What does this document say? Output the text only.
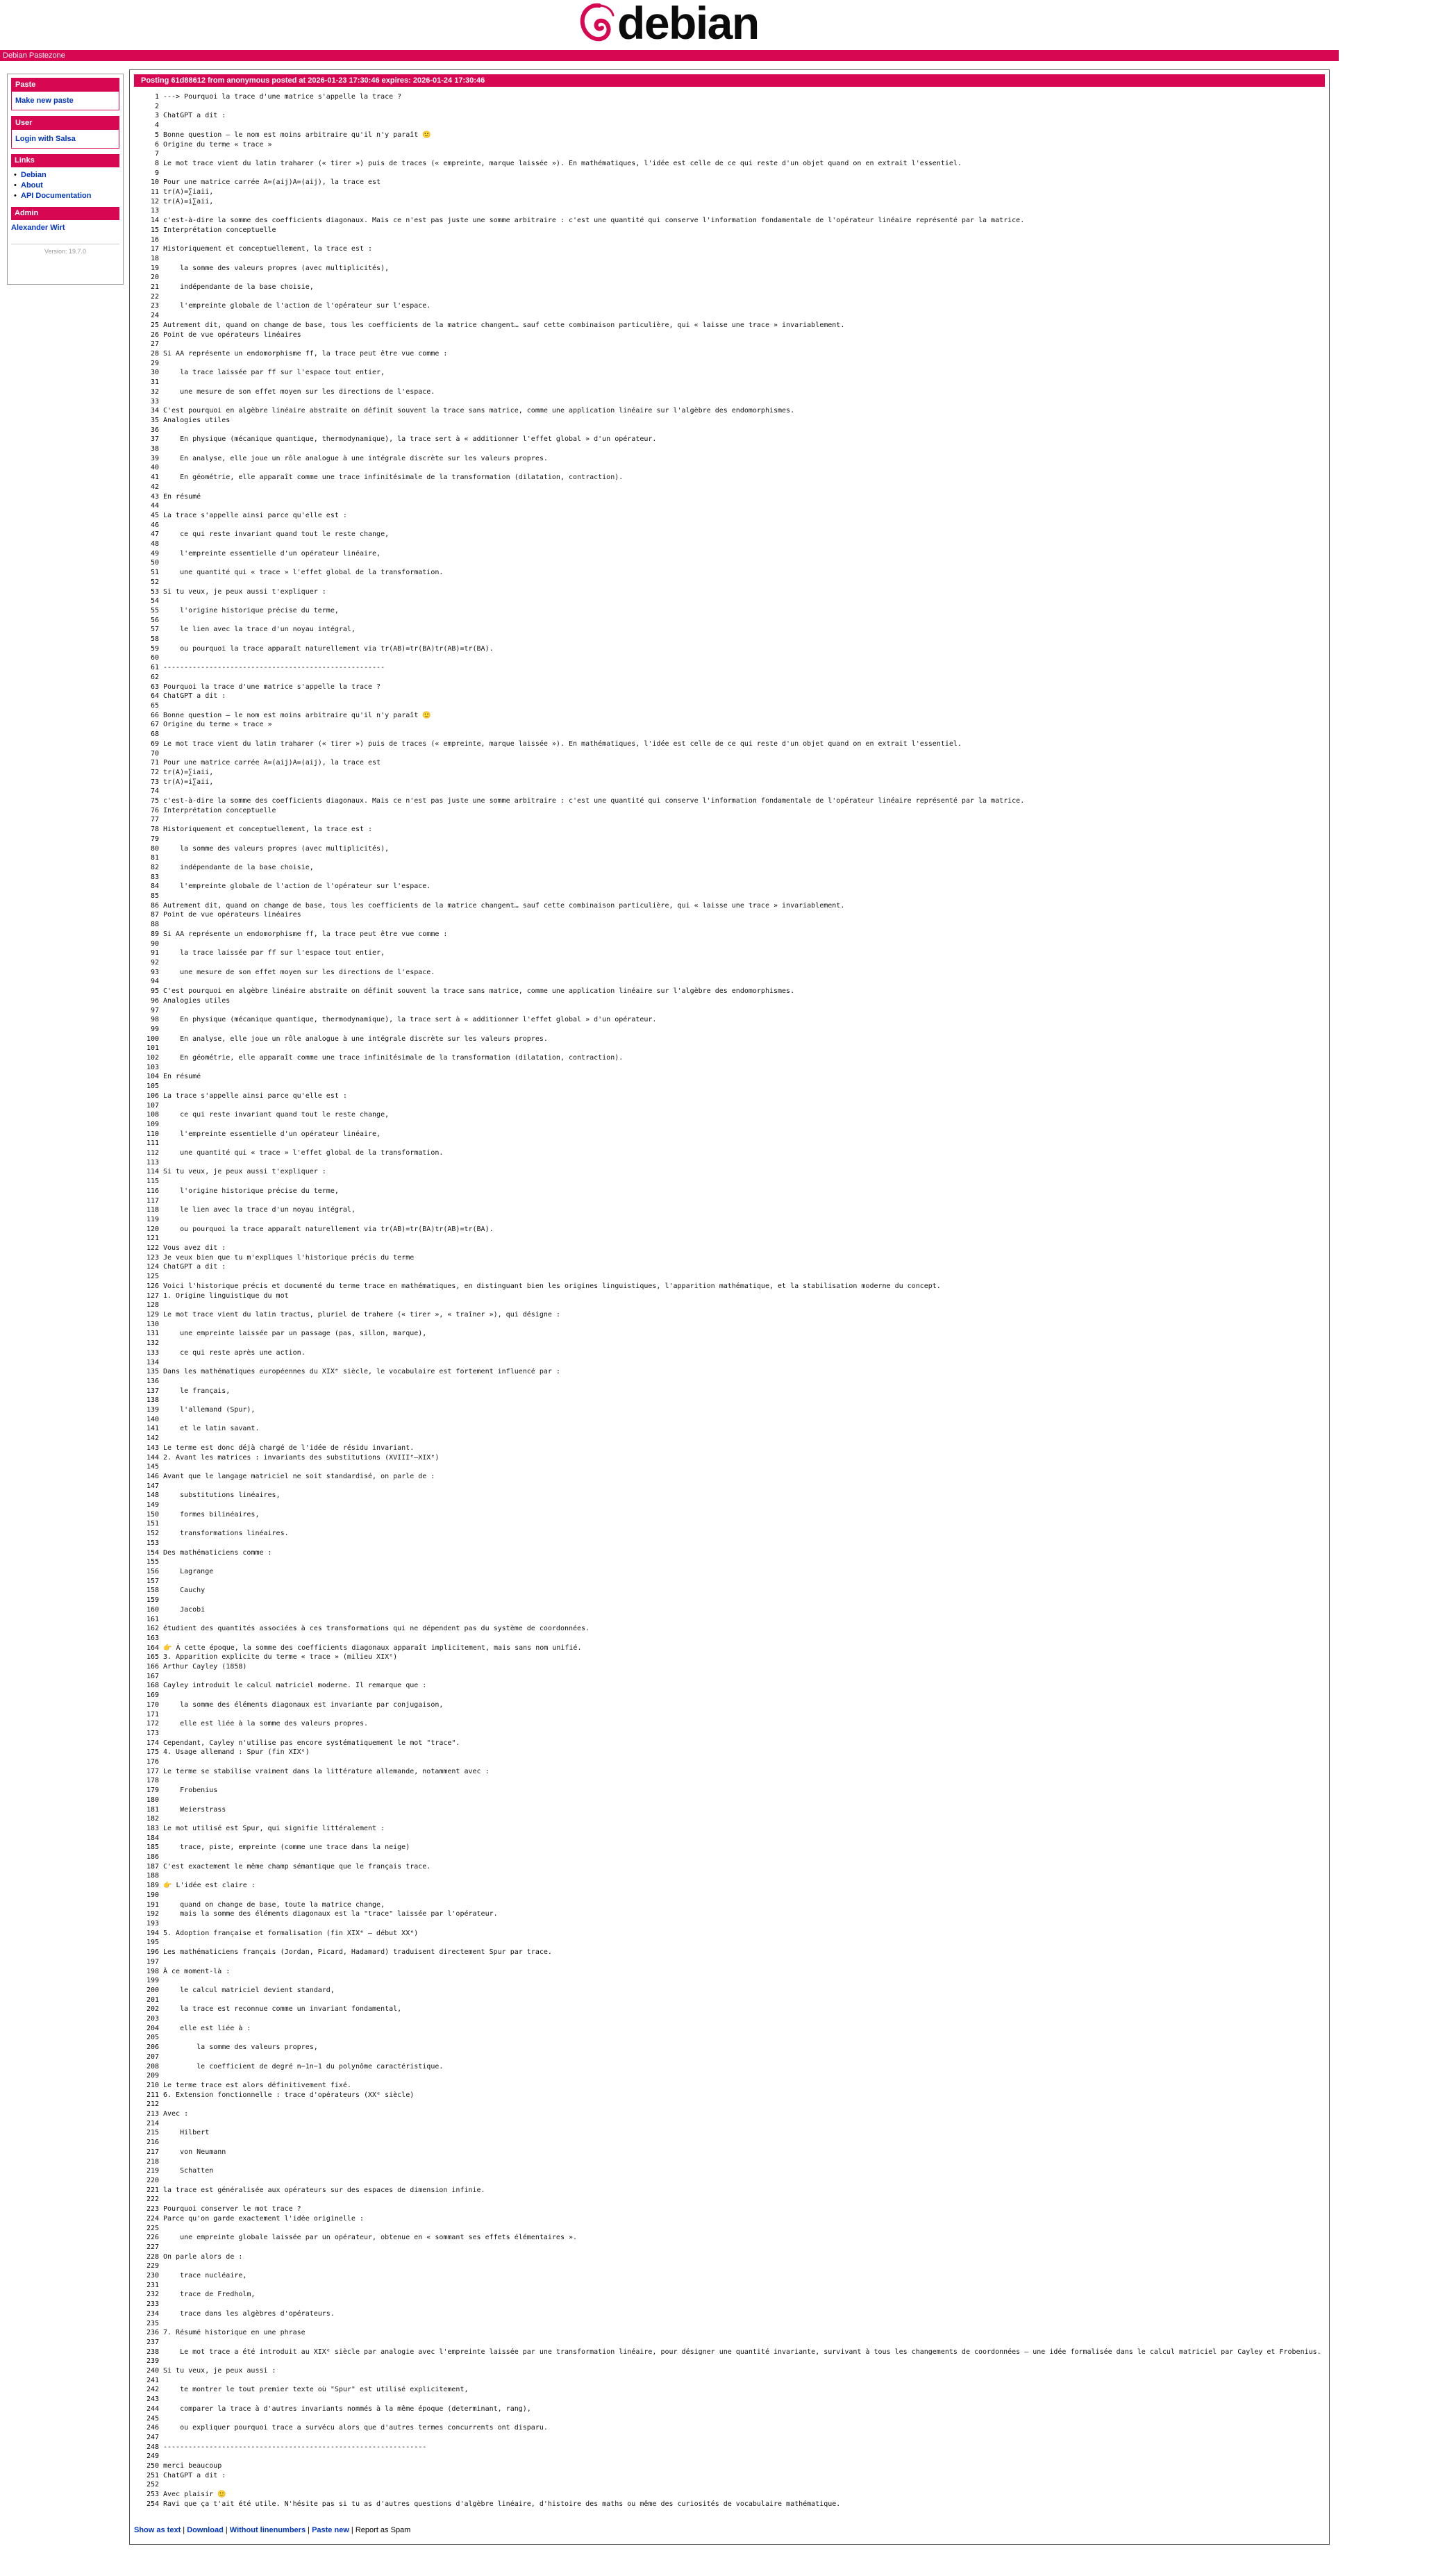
debian
Debian Pastezone
Paste
Make new paste
User
Login with Salsa
Links
• Debian
• About
• API Documentation
Admin
Alexander Wirt
Version: 19.7.0
Posting 61d88612 from anonymous posted at 2026-01-23 17:30:46 expires: 2026-01-24 17:30:46
1 ---> Pourquoi la trace d'une matrice s'appelle la trace ?
2
3 ChatGPT a dit :
4
5 Bonne question — le nom est moins arbitraire qu'il n'y paraît 🙂
6 Origine du terme « trace »
7
8 Le mot trace vient du latin traharer (« tirer ») puis de traces (« empreinte, marque laissée »). En mathématiques, l'idée est celle de ce qui reste d'un objet quand on en extrait l'essentiel.
9
10 Pour une matrice carrée A=(aij)A=(aij), la trace est
11 tr(A)=∑iaii,
12 tr(A)=i∑aii,
13
14 c'est-à-dire la somme des coefficients diagonaux. Mais ce n'est pas juste une somme arbitraire : c'est une quantité qui conserve l'information fondamentale de l'opérateur linéaire représenté par la matrice.
15 Interprétation conceptuelle
16
17 Historiquement et conceptuellement, la trace est :
18
19    la somme des valeurs propres (avec multiplicités),
20
21    indépendante de la base choisie,
22
23    l'empreinte globale de l'action de l'opérateur sur l'espace.
24
25 Autrement dit, quand on change de base, tous les coefficients de la matrice changent… sauf cette combinaison particulière, qui « laisse une trace » invariablement.
26 Point de vue opérateurs linéaires
27
28 Si AA représente un endomorphisme ff, la trace peut être vue comme :
29
30    la trace laissée par ff sur l'espace tout entier,
31
32    une mesure de son effet moyen sur les directions de l'espace.
33
34 C'est pourquoi en algèbre linéaire abstraite on définit souvent la trace sans matrice, comme une application linéaire sur l'algèbre des endomorphismes.
35 Analogies utiles
36
37    En physique (mécanique quantique, thermodynamique), la trace sert à « additionner l'effet global » d'un opérateur.
38
39    En analyse, elle joue un rôle analogue à une intégrale discrète sur les valeurs propres.
40
41    En géométrie, elle apparaît comme une trace infinitésimale de la transformation (dilatation, contraction).
42
43 En résumé
44
45 La trace s'appelle ainsi parce qu'elle est :
46
47    ce qui reste invariant quand tout le reste change,
48
49    l'empreinte essentielle d'un opérateur linéaire,
50
51    une quantité qui « trace » l'effet global de la transformation.
52
53 Si tu veux, je peux aussi t'expliquer :
54
55    l'origine historique précise du terme,
56
57    le lien avec la trace d'un noyau intégral,
58
59    ou pourquoi la trace apparaît naturellement via tr(AB)=tr(BA)tr(AB)=tr(BA).
60
61 -----------------------------------------------------
62
63 Pourquoi la trace d'une matrice s'appelle la trace ?
64 ChatGPT a dit :
65
66 Bonne question — le nom est moins arbitraire qu'il n'y paraît 🙂
67 Origine du terme « trace »
68
69 Le mot trace vient du latin traharer (« tirer ») puis de traces (« empreinte, marque laissée »). En mathématiques, l'idée est celle de ce qui reste d'un objet quand on en extrait l'essentiel.
70
71 Pour une matrice carrée A=(aij)A=(aij), la trace est
72 tr(A)=∑iaii,
73 tr(A)=i∑aii,
74
75 c'est-à-dire la somme des coefficients diagonaux. Mais ce n'est pas juste une somme arbitraire : c'est une quantité qui conserve l'information fondamentale de l'opérateur linéaire représenté par la matrice.
76 Interprétation conceptuelle
77
78 Historiquement et conceptuellement, la trace est :
79
80    la somme des valeurs propres (avec multiplicités),
81
82    indépendante de la base choisie,
83
84    l'empreinte globale de l'action de l'opérateur sur l'espace.
85
86 Autrement dit, quand on change de base, tous les coefficients de la matrice changent… sauf cette combinaison particulière, qui « laisse une trace » invariablement.
87 Point de vue opérateurs linéaires
88
89 Si AA représente un endomorphisme ff, la trace peut être vue comme :
90
91    la trace laissée par ff sur l'espace tout entier,
92
93    une mesure de son effet moyen sur les directions de l'espace.
94
95 C'est pourquoi en algèbre linéaire abstraite on définit souvent la trace sans matrice, comme une application linéaire sur l'algèbre des endomorphismes.
96 Analogies utiles
97
98    En physique (mécanique quantique, thermodynamique), la trace sert à « additionner l'effet global » d'un opérateur.
99
100    En analyse, elle joue un rôle analogue à une intégrale discrète sur les valeurs propres.
101
102    En géométrie, elle apparaît comme une trace infinitésimale de la transformation (dilatation, contraction).
103
104 En résumé
105
106 La trace s'appelle ainsi parce qu'elle est :
107
108    ce qui reste invariant quand tout le reste change,
109
110    l'empreinte essentielle d'un opérateur linéaire,
111
112    une quantité qui « trace » l'effet global de la transformation.
113
114 Si tu veux, je peux aussi t'expliquer :
115
116    l'origine historique précise du terme,
117
118    le lien avec la trace d'un noyau intégral,
119
120    ou pourquoi la trace apparaît naturellement via tr(AB)=tr(BA)tr(AB)=tr(BA).
121
122 Vous avez dit :
123 Je veux bien que tu m'expliques l'historique précis du terme
124 ChatGPT a dit :
125
126 Voici l'historique précis et documenté du terme trace en mathématiques, en distinguant bien les origines linguistiques, l'apparition mathématique, et la stabilisation moderne du concept.
127 1. Origine linguistique du mot
128
129 Le mot trace vient du latin tractus, pluriel de trahere (« tirer », « traîner »), qui désigne :
130
131    une empreinte laissée par un passage (pas, sillon, marque),
132
133    ce qui reste après une action.
134
135 Dans les mathématiques européennes du XIXᵉ siècle, le vocabulaire est fortement influencé par :
136
137    le français,
138
139    l'allemand (Spur),
140
141    et le latin savant.
142
143 Le terme est donc déjà chargé de l'idée de résidu invariant.
144 2. Avant les matrices : invariants des substitutions (XVIIIᵉ–XIXᵉ)
145
146 Avant que le langage matriciel ne soit standardisé, on parle de :
147
148    substitutions linéaires,
149
150    formes bilinéaires,
151
152    transformations linéaires.
153
154 Des mathématiciens comme :
155
156    Lagrange
157
158    Cauchy
159
160    Jacobi
161
162 étudient des quantités associées à ces transformations qui ne dépendent pas du système de coordonnées.
163
164 👉 À cette époque, la somme des coefficients diagonaux apparaît implicitement, mais sans nom unifié.
165 3. Apparition explicite du terme « trace » (milieu XIXᵉ)
166 Arthur Cayley (1858)
167
168 Cayley introduit le calcul matriciel moderne. Il remarque que :
169
170    la somme des éléments diagonaux est invariante par conjugaison,
171
172    elle est liée à la somme des valeurs propres.
173
174 Cependant, Cayley n'utilise pas encore systématiquement le mot "trace".
175 4. Usage allemand : Spur (fin XIXᵉ)
176
177 Le terme se stabilise vraiment dans la littérature allemande, notamment avec :
178
179    Frobenius
180
181    Weierstrass
182
183 Le mot utilisé est Spur, qui signifie littéralement :
184
185    trace, piste, empreinte (comme une trace dans la neige)
186
187 C'est exactement le même champ sémantique que le français trace.
188
189 👉 L'idée est claire :
190
191    quand on change de base, toute la matrice change,
192    mais la somme des éléments diagonaux est la "trace" laissée par l'opérateur.
193
194 5. Adoption française et formalisation (fin XIXᵉ – début XXᵉ)
195
196 Les mathématiciens français (Jordan, Picard, Hadamard) traduisent directement Spur par trace.
197
198 À ce moment-là :
199
200    le calcul matriciel devient standard,
201
202    la trace est reconnue comme un invariant fondamental,
203
204    elle est liée à :
205
206        la somme des valeurs propres,
207
208        le coefficient de degré n−1n−1 du polynôme caractéristique.
209
210 Le terme trace est alors définitivement fixé.
211 6. Extension fonctionnelle : trace d'opérateurs (XXᵉ siècle)
212
213 Avec :
214
215    Hilbert
216
217    von Neumann
218
219    Schatten
220
221 la trace est généralisée aux opérateurs sur des espaces de dimension infinie.
222
223 Pourquoi conserver le mot trace ?
224 Parce qu'on garde exactement l'idée originelle :
225
226    une empreinte globale laissée par un opérateur, obtenue en « sommant ses effets élémentaires ».
227
228 On parle alors de :
229
230    trace nucléaire,
231
232    trace de Fredholm,
233
234    trace dans les algèbres d'opérateurs.
235
236 7. Résumé historique en une phrase
237
238    Le mot trace a été introduit au XIXᵉ siècle par analogie avec l'empreinte laissée par une transformation linéaire, pour désigner une quantité invariante, survivant à tous les changements de coordonnées — une idée formalisée dans le calcul matriciel par Cayley et Frobenius.
239
240 Si tu veux, je peux aussi :
241
242    te montrer le tout premier texte où "Spur" est utilisé explicitement,
243
244    comparer la trace à d'autres invariants nommés à la même époque (determinant, rang),
245
246    ou expliquer pourquoi trace a survécu alors que d'autres termes concurrents ont disparu.
247
248 ---------------------------------------------------------------
249
250 merci beaucoup
251 ChatGPT a dit :
252
253 Avec plaisir 🙂
254 Ravi que ça t'ait été utile. N'hésite pas si tu as d'autres questions d'algèbre linéaire, d'histoire des maths ou même des curiosités de vocabulaire mathématique.
Show as text | Download | Without linenumbers | Paste new | Report as Spam
